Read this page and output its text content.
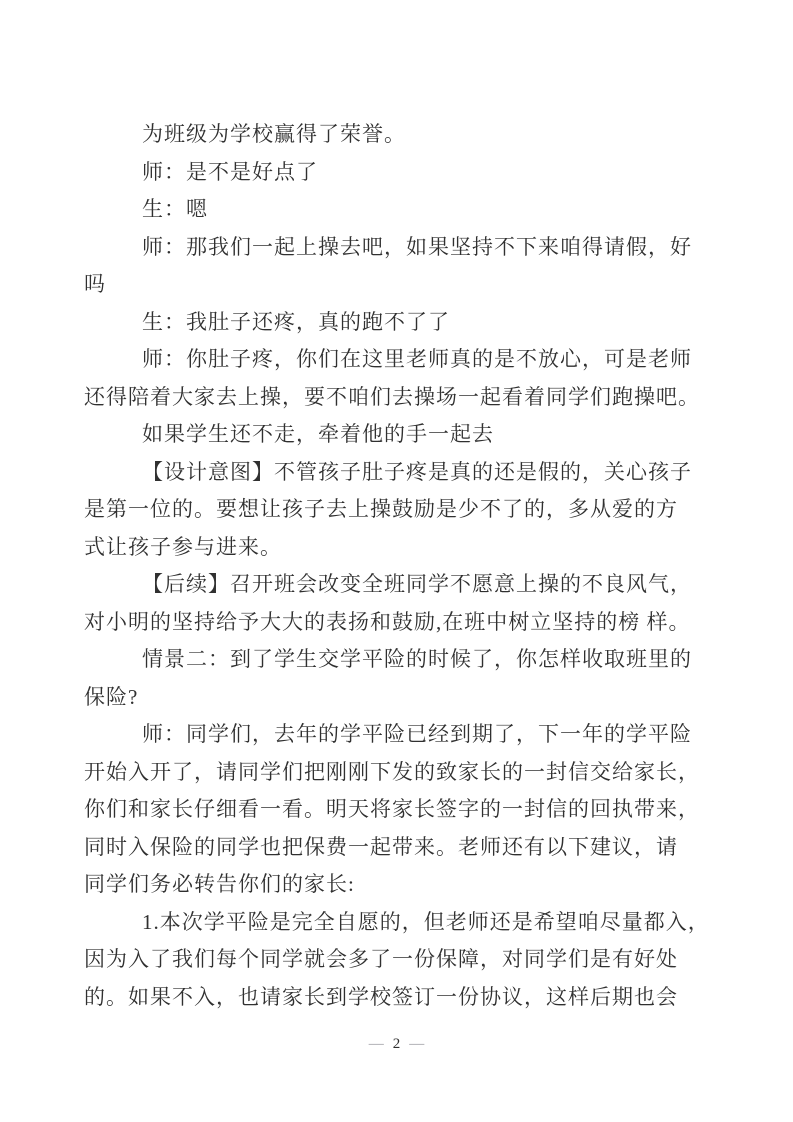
为班级为学校赢得了荣誉。
师：是不是好点了
生：嗯
师：那我们一起上操去吧，如果坚持不下来咱得请假，好
吗
生：我肚子还疼，真的跑不了了
师：你肚子疼，你们在这里老师真的是不放心，可是老师
还得陪着大家去上操，要不咱们去操场一起看着同学们跑操吧。
如果学生还不走，牵着他的手一起去
【设计意图】不管孩子肚子疼是真的还是假的，关心孩子
是第一位的。要想让孩子去上操鼓励是少不了的，多从爱的方
式让孩子参与进来。
【后续】召开班会改变全班同学不愿意上操的不良风气，
对小明的坚持给予大大的表扬和鼓励,在班中树立坚持的榜 样。
情景二：到了学生交学平险的时候了，你怎样收取班里的
保险?
师：同学们，去年的学平险已经到期了，下一年的学平险
开始入开了，请同学们把刚刚下发的致家长的一封信交给家长，
你们和家长仔细看一看。明天将家长签字的一封信的回执带来，
同时入保险的同学也把保费一起带来。老师还有以下建议，请
同学们务必转告你们的家长:
1.本次学平险是完全自愿的，但老师还是希望咱尽量都入，
因为入了我们每个同学就会多了一份保障，对同学们是有好处
的。如果不入，也请家长到学校签订一份协议，这样后期也会
— 2 —
